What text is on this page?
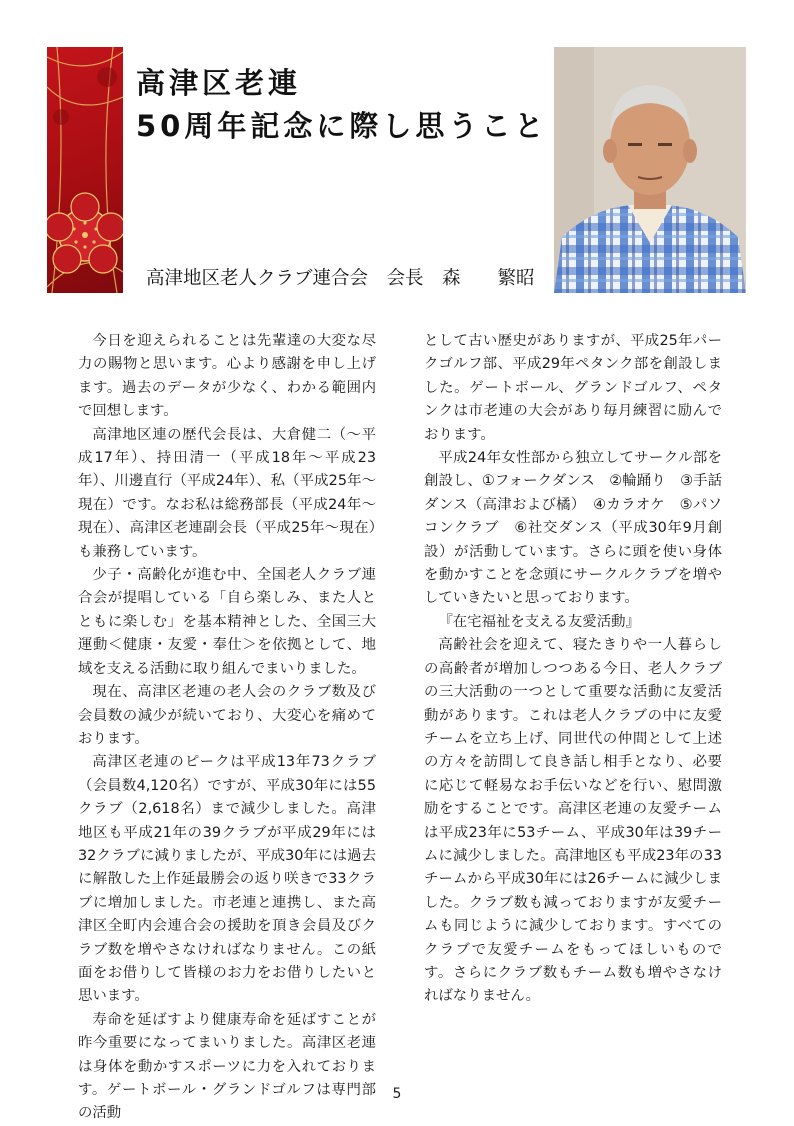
高津区老連
50周年記念に際し思うこと
高津地区老人クラブ連合会　会長　森　　繁昭

今日を迎えられることは先輩達の大変な尽力の賜物と思います。心より感謝を申し上げます。過去のデータが少なく、わかる範囲内で回想します。

高津地区連の歴代会長は、大倉健二（～平成17年）、持田清一（平成18年～平成23年）、川邊直行（平成24年）、私（平成25年～現在）です。なお私は総務部長（平成24年～現在）、高津区老連副会長（平成25年～現在）も兼務しています。

少子・高齢化が進む中、全国老人クラブ連合会が提唱している「自ら楽しみ、また人とともに楽しむ」を基本精神とした、全国三大運動＜健康・友愛・奉仕＞を依拠として、地域を支える活動に取り組んでまいりました。

現在、高津区老連の老人会のクラブ数及び会員数の減少が続いており、大変心を痛めております。

高津区老連のピークは平成13年73クラブ（会員数4,120名）ですが、平成30年には55クラブ（2,618名）まで減少しました。高津地区も平成21年の39クラブが平成29年には32クラブに減りましたが、平成30年には過去に解散した上作延最勝会の返り咲きで33クラブに増加しました。市老連と連携し、また高津区全町内会連合会の援助を頂き会員及びクラブ数を増やさなければなりません。この紙面をお借りして皆様のお力をお借りしたいと思います。

寿命を延ばすより健康寿命を延ばすことが昨今重要になってまいりました。高津区老連は身体を動かすスポーツに力を入れております。ゲートボール・グランドゴルフは専門部の活動

として古い歴史がありますが、平成25年パークゴルフ部、平成29年ペタンク部を創設しました。ゲートボール、グランドゴルフ、ペタンクは市老連の大会があり毎月練習に励んでおります。

平成24年女性部から独立してサークル部を創設し、①フォークダンス　②輪踊り　③手話ダンス（高津および橘）　④カラオケ　⑤パソコンクラブ　⑥社交ダンス（平成30年9月創設）が活動しています。さらに頭を使い身体を動かすことを念頭にサークルクラブを増やしていきたいと思っております。

『在宅福祉を支える友愛活動』

高齢社会を迎えて、寝たきりや一人暮らしの高齢者が増加しつつある今日、老人クラブの三大活動の一つとして重要な活動に友愛活動があります。これは老人クラブの中に友愛チームを立ち上げ、同世代の仲間として上述の方々を訪問して良き話し相手となり、必要に応じて軽易なお手伝いなどを行い、慰問激励をすることです。高津区老連の友愛チームは平成23年に53チーム、平成30年は39チームに減少しました。高津地区も平成23年の33チームから平成30年には26チームに減少しました。クラブ数も減っておりますが友愛チームも同じように減少しております。すべてのクラブで友愛チームをもってほしいものです。さらにクラブ数もチーム数も増やさなければなりません。

5
